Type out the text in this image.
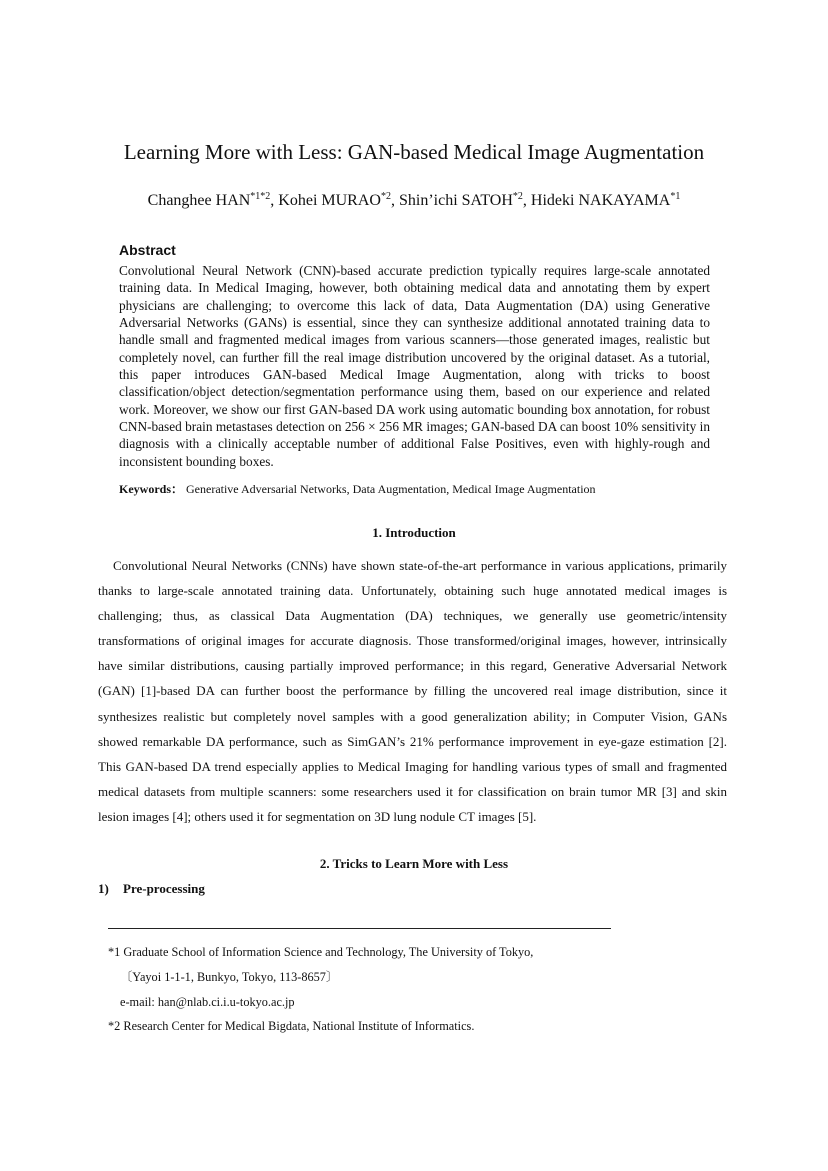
Learning More with Less: GAN-based Medical Image Augmentation
Changhee $HAN^{*1*2}$, Kohei MURAO$^{*2}$, Shin’ichi SATOH$^{*2}$, Hideki NAKAYAMA$^{*1}$
Abstract
Convolutional Neural Network (CNN)-based accurate prediction typically requires large-scale annotated training data. In Medical Imaging, however, both obtaining medical data and annotating them by expert physicians are challenging; to overcome this lack of data, Data Augmentation (DA) using Generative Adversarial Networks (GANs) is essential, since they can synthesize additional annotated training data to handle small and fragmented medical images from various scanners—those generated images, realistic but completely novel, can further fill the real image distribution uncovered by the original dataset. As a tutorial, this paper introduces GAN-based Medical Image Augmentation, along with tricks to boost classification/object detection/segmentation performance using them, based on our experience and related work. Moreover, we show our first GAN-based DA work using automatic bounding box annotation, for robust CNN-based brain metastases detection on 256 × 256 MR images; GAN-based DA can boost 10% sensitivity in diagnosis with a clinically acceptable number of additional False Positives, even with highly-rough and inconsistent bounding boxes.
Keywords： Generative Adversarial Networks, Data Augmentation, Medical Image Augmentation
1. Introduction
Convolutional Neural Networks (CNNs) have shown state-of-the-art performance in various applications, primarily thanks to large-scale annotated training data. Unfortunately, obtaining such huge annotated medical images is challenging; thus, as classical Data Augmentation (DA) techniques, we generally use geometric/intensity transformations of original images for accurate diagnosis. Those transformed/original images, however, intrinsically have similar distributions, causing partially improved performance; in this regard, Generative Adversarial Network (GAN) [1]-based DA can further boost the performance by filling the uncovered real image distribution, since it synthesizes realistic but completely novel samples with a good generalization ability; in Computer Vision, GANs showed remarkable DA performance, such as SimGAN’s 21% performance improvement in eye-gaze estimation [2]. This GAN-based DA trend especially applies to Medical Imaging for handling various types of small and fragmented medical datasets from multiple scanners: some researchers used it for classification on brain tumor MR [3] and skin lesion images [4]; others used it for segmentation on 3D lung nodule CT images [5].
2. Tricks to Learn More with Less
1) Pre-processing
*1 Graduate School of Information Science and Technology, The University of Tokyo,
〔Yayoi 1-1-1, Bunkyo, Tokyo, 113-8657〕
e-mail: han@nlab.ci.i.u-tokyo.ac.jp
*2 Research Center for Medical Bigdata, National Institute of Informatics.
